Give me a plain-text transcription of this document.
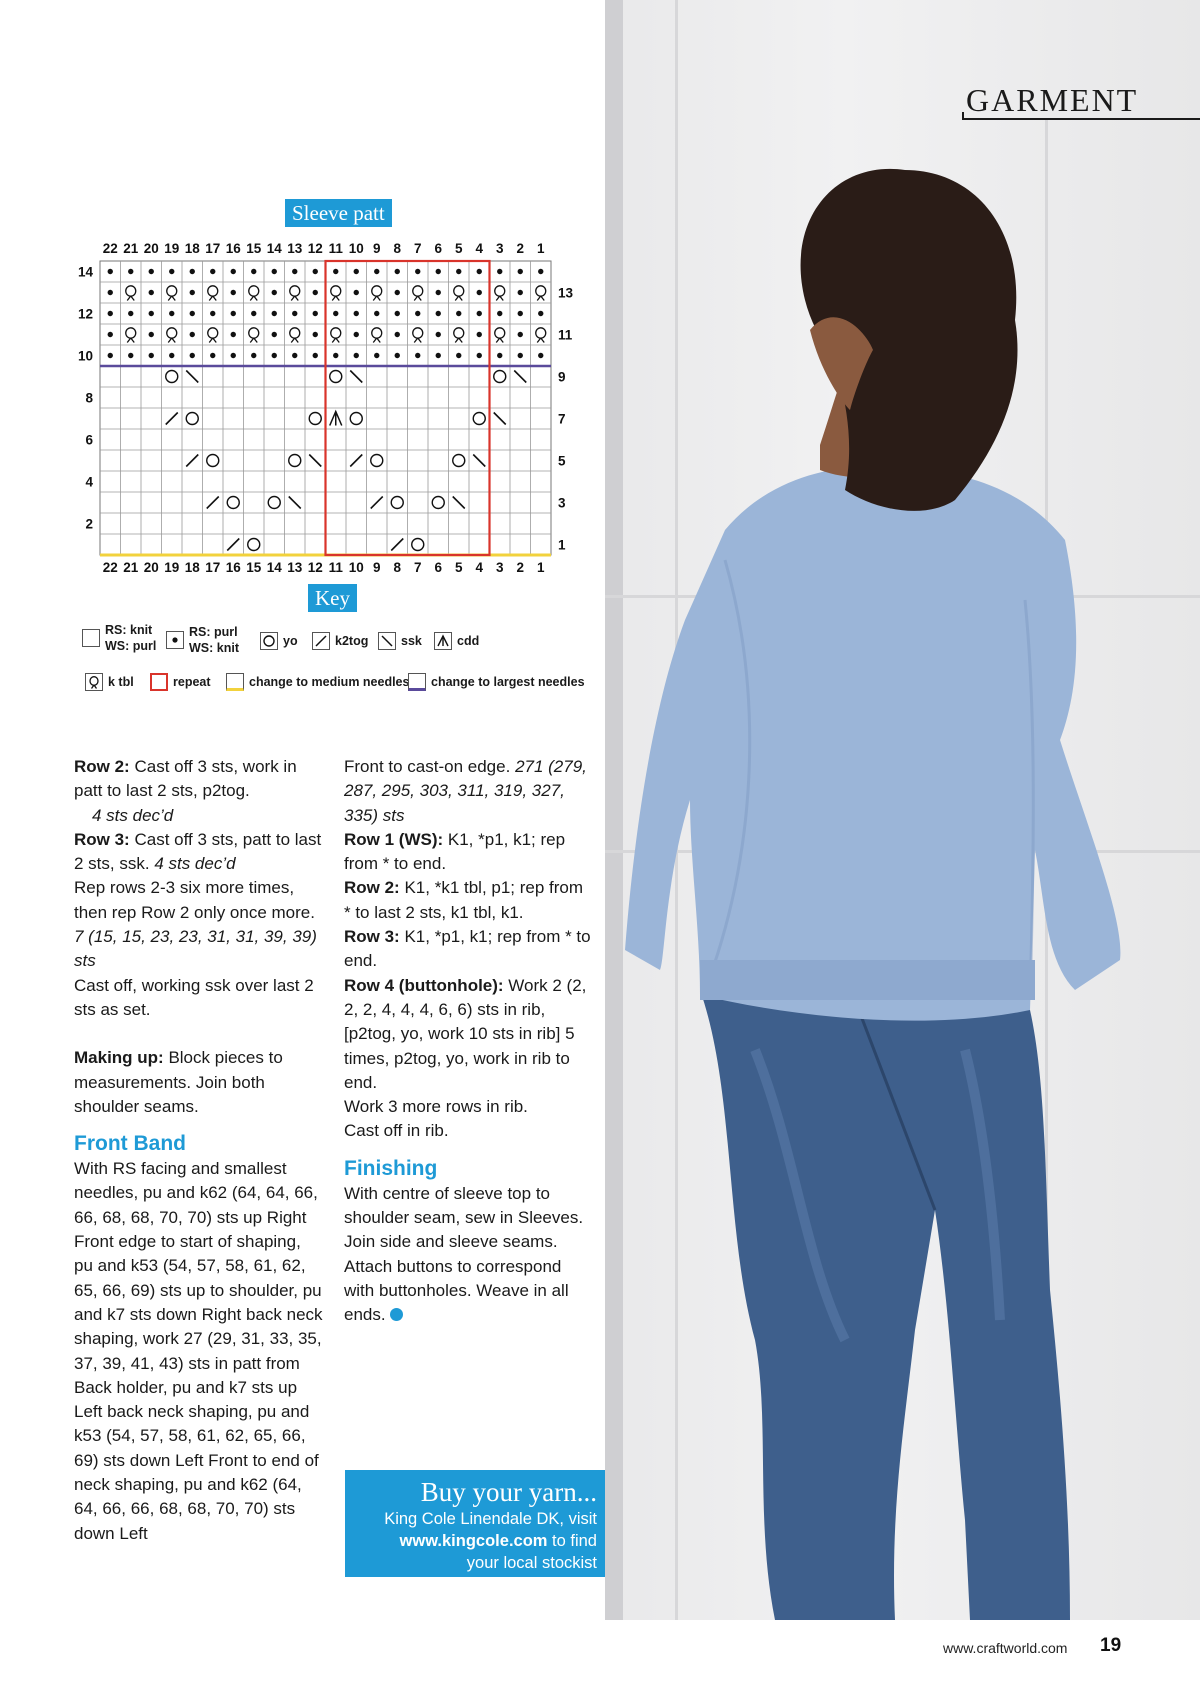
GARMENT
Sleeve patt
22
22
21
21
20
20
19
19
18
18
17
17
16
16
15
15
14
14
13
13
12
12
11
11
10
10
9
9
8
8
7
7
6
6
5
5
4
4
3
3
2
2
1
1
14
12
10
8
6
4
2
13
11
9
7
5
3
1
Key
RS: knit
WS: purl
RS: purl
WS: knit	yo	k2tog	ssk	cdd
k tbl	repeat	change to medium needles change to largest needles

Row 2: Cast off 3 sts, work in patt to last 2 sts, p2tog.

4 sts dec’d

Row 3: Cast off 3 sts, patt to last 2 sts, ssk. 4 sts dec’d

Rep rows 2-3 six more times, then rep Row 2 only once more. 7 (15, 15, 23, 23, 31, 31, 39, 39) sts

Cast off, working ssk over last 2 sts as set.

Making up: Block pieces to measurements. Join both shoulder seams.

Front Band

With RS facing and smallest needles, pu and k62 (64, 64, 66, 66, 68, 68, 70, 70) sts up Right Front edge to start of shaping, pu and k53 (54, 57, 58, 61, 62, 65, 66, 69) sts up to shoulder, pu and k7 sts down Right back neck shaping, work 27 (29, 31, 33, 35, 37, 39, 41, 43) sts in patt from Back holder, pu and k7 sts up Left back neck shaping, pu and k53 (54, 57, 58, 61, 62, 65, 66, 69) sts down Left Front to end of neck shaping, pu and k62 (64, 64, 66, 66, 68, 68, 70, 70) sts down Left

Front to cast-on edge. 271 (279, 287, 295, 303, 311, 319, 327, 335) sts

Row 1 (WS): K1, *p1, k1; rep from * to end.

Row 2: K1, *k1 tbl, p1; rep from * to last 2 sts, k1 tbl, k1.

Row 3: K1, *p1, k1; rep from * to end.

Row 4 (buttonhole): Work 2 (2, 2, 2, 4, 4, 4, 6, 6) sts in rib, [p2tog, yo, work 10 sts in rib] 5 times, p2tog, yo, work in rib to end.

Work 3 more rows in rib.

Cast off in rib.

Finishing

With centre of sleeve top to shoulder seam, sew in Sleeves. Join side and sleeve seams. Attach buttons to correspond with buttonholes. Weave in all ends.

Buy your yarn...
King Cole Linendale DK, visit
www.kingcole.com to find
your local stockist
www.craftworld.com 19
